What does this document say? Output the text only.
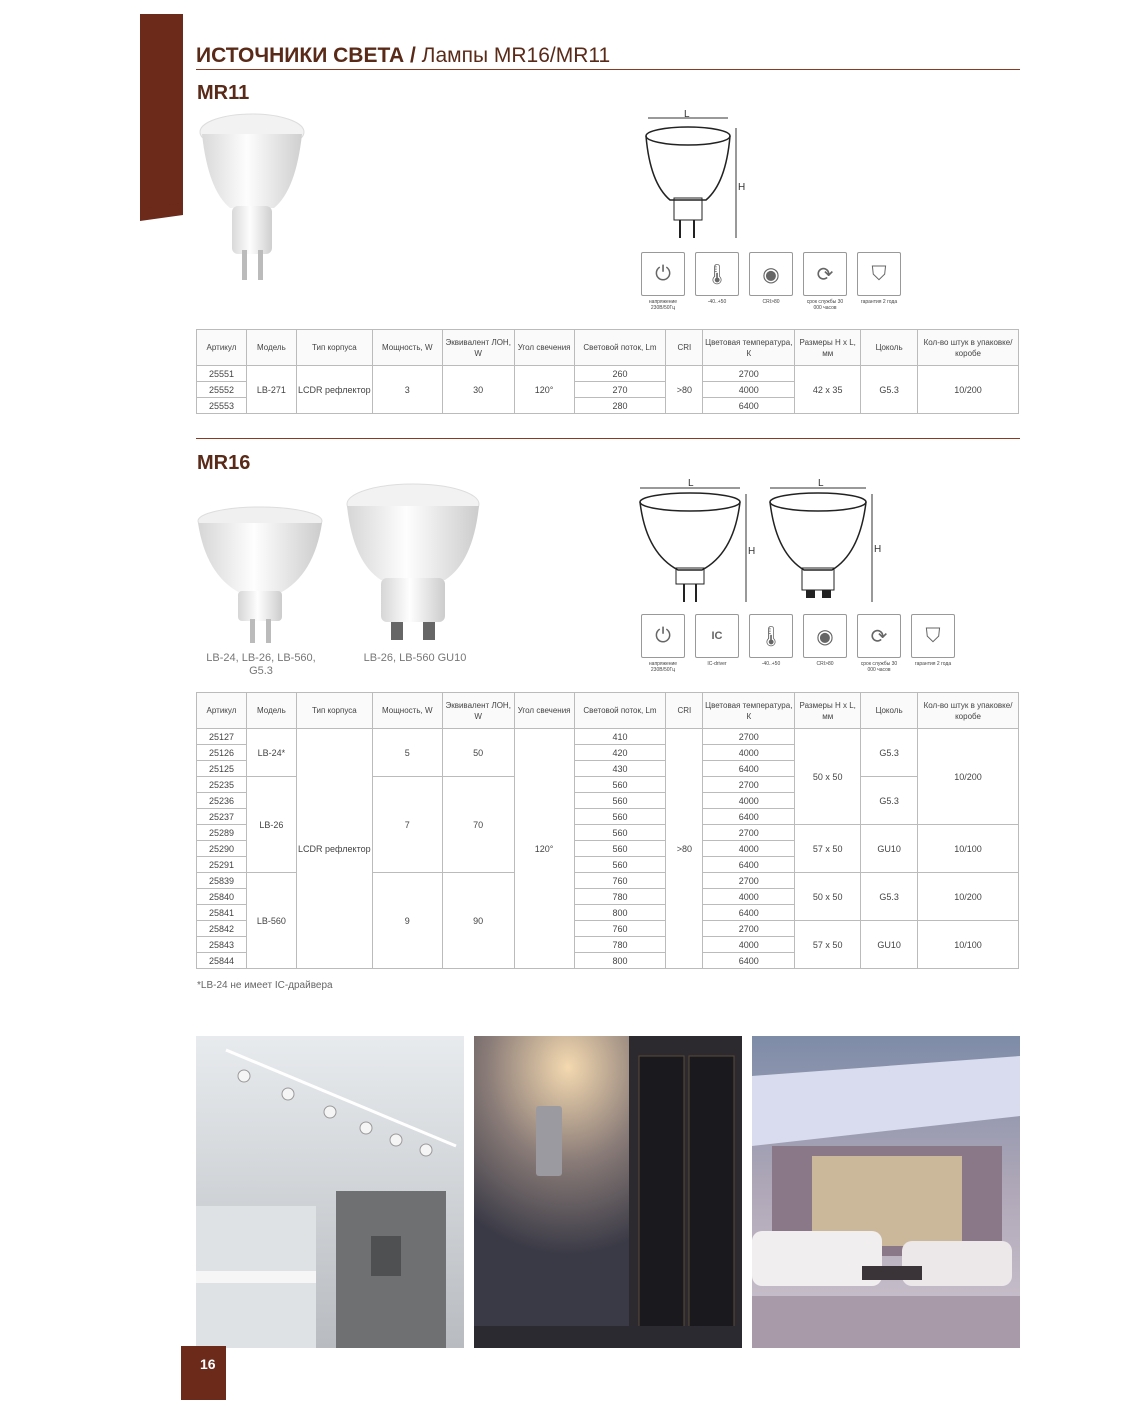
ИСТОЧНИКИ СВЕТА / Лампы MR16/MR11
MR11
L
H
⏻
напряжение 230В/50Гц
🌡
-40..+50
◉
CRI>80
⟳
срок службы 30 000 часов
⛉
гарантия 2 года
Артикул	Модель	Тип корпуса	Мощность, W	Эквивалент ЛОН, W	Угол свечения	Световой поток, Lm	CRI	Цветовая температура, К	Размеры H x L, мм	Цоколь	Кол-во штук в упаковке/коробе
25551	LB-271	LCDR рефлектор	3	30	120°	260	>80	2700	42 x 35	G5.3	10/200
25552						270		4000			
25553						280		6400			
MR16
LB-24, LB-26, LB-560, G5.3
LB-26, LB-560 GU10
L
H
L
H
⏻
напряжение 230В/50Гц
IC
IC-driver
🌡
-40..+50
◉
CRI>80
⟳
срок службы 30 000 часов
⛉
гарантия 2 года
Артикул	Модель	Тип корпуса	Мощность, W	Эквивалент ЛОН, W	Угол свечения	Световой поток, Lm	CRI	Цветовая температура, К	Размеры H x L, мм	Цоколь	Кол-во штук в упаковке/коробе
25127	LB-24*	LCDR рефлектор	5	50	120°	410	>80	2700	50 x 50	G5.3	10/200
25126						420		4000			
25125						430		6400			
25235	LB-26		7	70		560		2700		G5.3	
25236						560		4000			
25237						560		6400			
25289						560		2700	57 x 50	GU10	10/100
25290						560		4000			
25291						560		6400			
25839	LB-560		9	90		760		2700	50 x 50	G5.3	10/200
25840						780		4000			
25841						800		6400			
25842						760		2700	57 x 50	GU10	10/100
25843						780		4000			
25844						800		6400			
*LB-24 не имеет IC-драйвера
16
